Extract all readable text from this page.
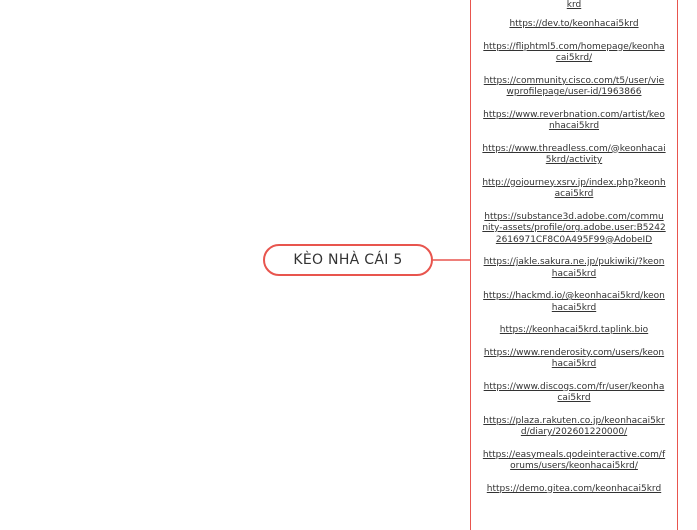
KÈO NHÀ CÁI 5
krd
https://dev.to/keonhacai5krd
https://fliphtml5.com/homepage/keonhacai5krd/
https://community.cisco.com/t5/user/viewprofilepage/user-id/1963866
https://www.reverbnation.com/artist/keonhacai5krd
https://www.threadless.com/@keonhacai5krd/activity
http://gojourney.xsrv.jp/index.php?keonhacai5krd
https://substance3d.adobe.com/community-assets/profile/org.adobe.user:B52422616971CF8C0A495F99@AdobeID
https://jakle.sakura.ne.jp/pukiwiki/?keonhacai5krd
https://hackmd.io/@keonhacai5krd/keonhacai5krd
https://keonhacai5krd.taplink.bio
https://www.renderosity.com/users/keonhacai5krd
https://www.discogs.com/fr/user/keonhacai5krd
https://plaza.rakuten.co.jp/keonhacai5krd/diary/202601220000/
https://easymeals.qodeinteractive.com/forums/users/keonhacai5krd/
https://demo.gitea.com/keonhacai5krd
